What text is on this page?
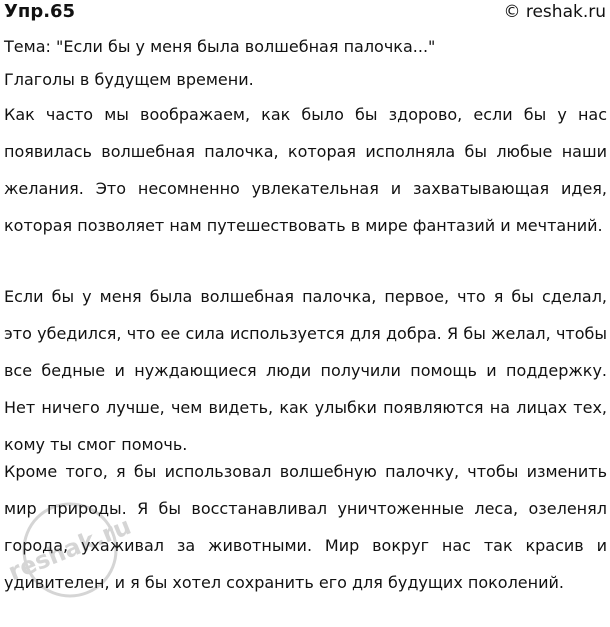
Упр.65	© reshak.ru
Тема: "Если бы у меня была волшебная палочка..."
Глаголы в будущем времени.

Как часто мы воображаем, как было бы здорово, если бы у нас появилась волшебная палочка, которая исполняла бы любые наши желания. Это несомненно увлекательная и захватывающая идея, которая позволяет нам путешествовать в мире фантазий и мечтаний.

Если бы у меня была волшебная палочка, первое, что я бы сделал, это убедился, что ее сила используется для добра. Я бы желал, чтобы все бедные и нуждающиеся люди получили помощь и поддержку. Нет ничего лучше, чем видеть, как улыбки появляются на лицах тех, кому ты смог помочь.

Кроме того, я бы использовал волшебную палочку, чтобы изменить мир природы. Я бы восстанавливал уничтоженные леса, озеленял города, ухаживал за животными. Мир вокруг нас так красив и удивителен, и я бы хотел сохранить его для будущих поколений.

reshak.ru
